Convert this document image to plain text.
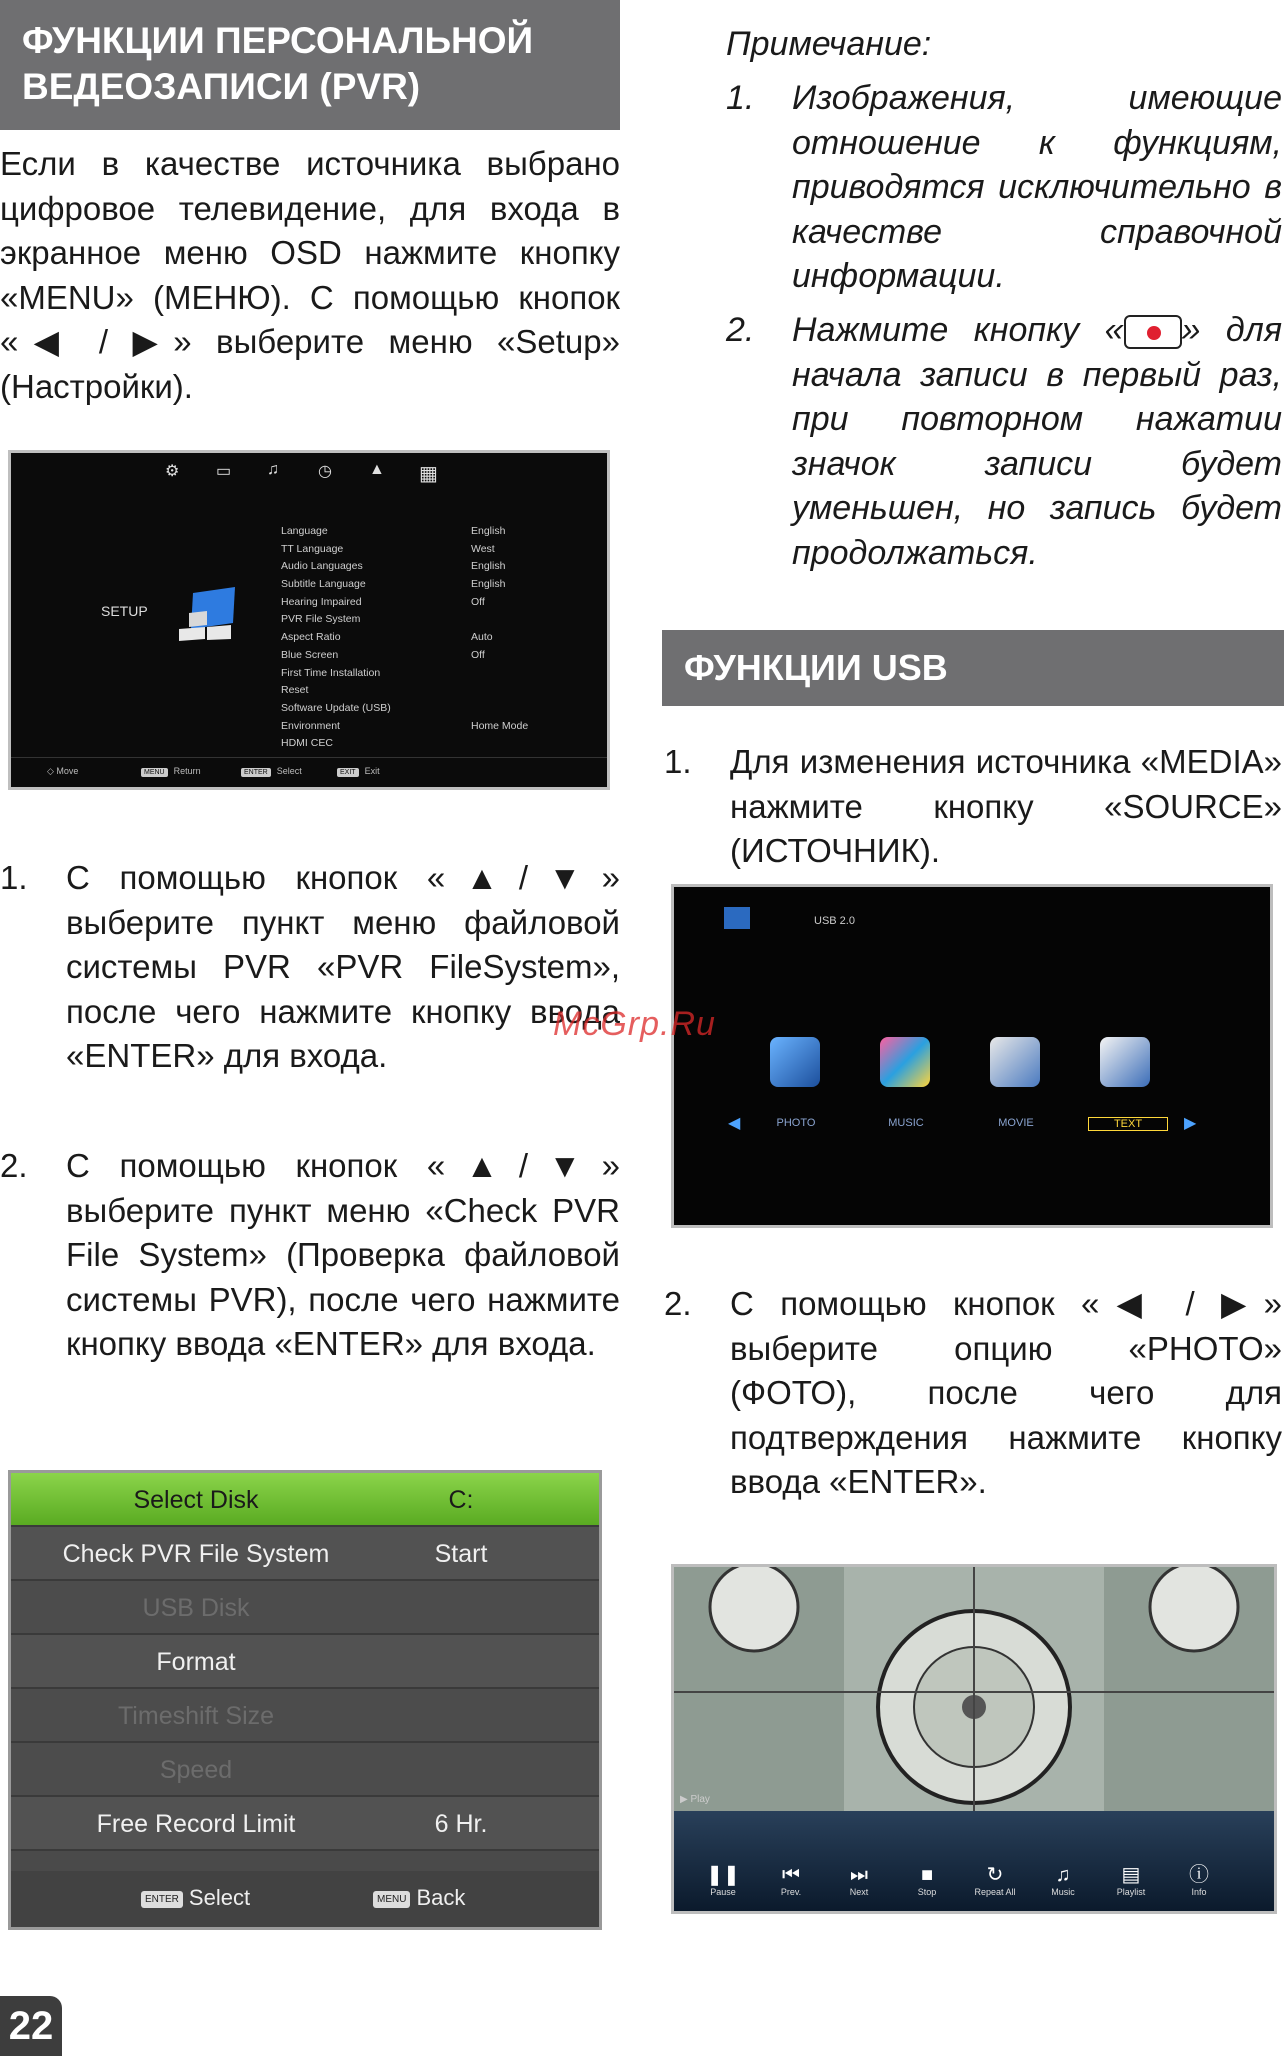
ФУНКЦИИ ПЕРСОНАЛЬНОЙ
ВЕДЕОЗАПИСИ (PVR)

Если в качестве источника выбрано цифровое телевидение, для входа в экранное меню OSD нажмите кнопку «MENU» (МЕНЮ). С помощью кнопок «◀ / ▶» выберите меню «Setup» (Настройки).

⚙ ▭ ♫ ◷ ▲ ▦
SETUP
Language	English
TT Language	West
Audio Languages	English
Subtitle Language	English
Hearing Impaired	Off
PVR File System
Aspect Ratio	Auto
Blue Screen	Off
First Time Installation
Reset
Software Update (USB)
Environment	Home Mode
HDMI CEC
◇ Move	MENU Return	ENTER Select	EXIT Exit
1. С помощью кнопок «▲/▼» выберите пункт меню файловой системы PVR «PVR FileSystem», после чего нажмите кнопку ввода «ENTER» для входа.
2. С помощью кнопок «▲/▼» выберите пункт меню «Check PVR File System» (Проверка файловой системы PVR), после чего нажмите кнопку ввода «ENTER» для входа.
Select Disk	C:
Check PVR File System	Start
USB Disk
Format
Timeshift Size
Speed
Free Record Limit	6 Hr.
ENTER Select	MENU Back
Примечание:
1. Изображения, имеющие отношение к функциям, приводятся исключительно в качестве справочной информации.
2. Нажмите кнопку « » для начала записи в первый раз, при повторном нажатии значок записи будет уменьшен, но запись будет продолжаться.
ФУНКЦИИ USB
1. Для изменения источника «MEDIA» нажмите кнопку «SOURCE» (ИСТОЧНИК).
USB 2.0
◀	PHOTO	MUSIC	MOVIE	TEXT	▶
2. С помощью кнопок «◀ / ▶» выберите опцию «PHOTO» (ФОТО), после чего для подтверждения нажмите кнопку ввода «ENTER».
▶ Play
❚❚
Pause
⏮
Prev.
⏭
Next
■
Stop
↻
Repeat All
♫
Music
▤
Playlist
ⓘ
Info
McGrp.Ru
22
